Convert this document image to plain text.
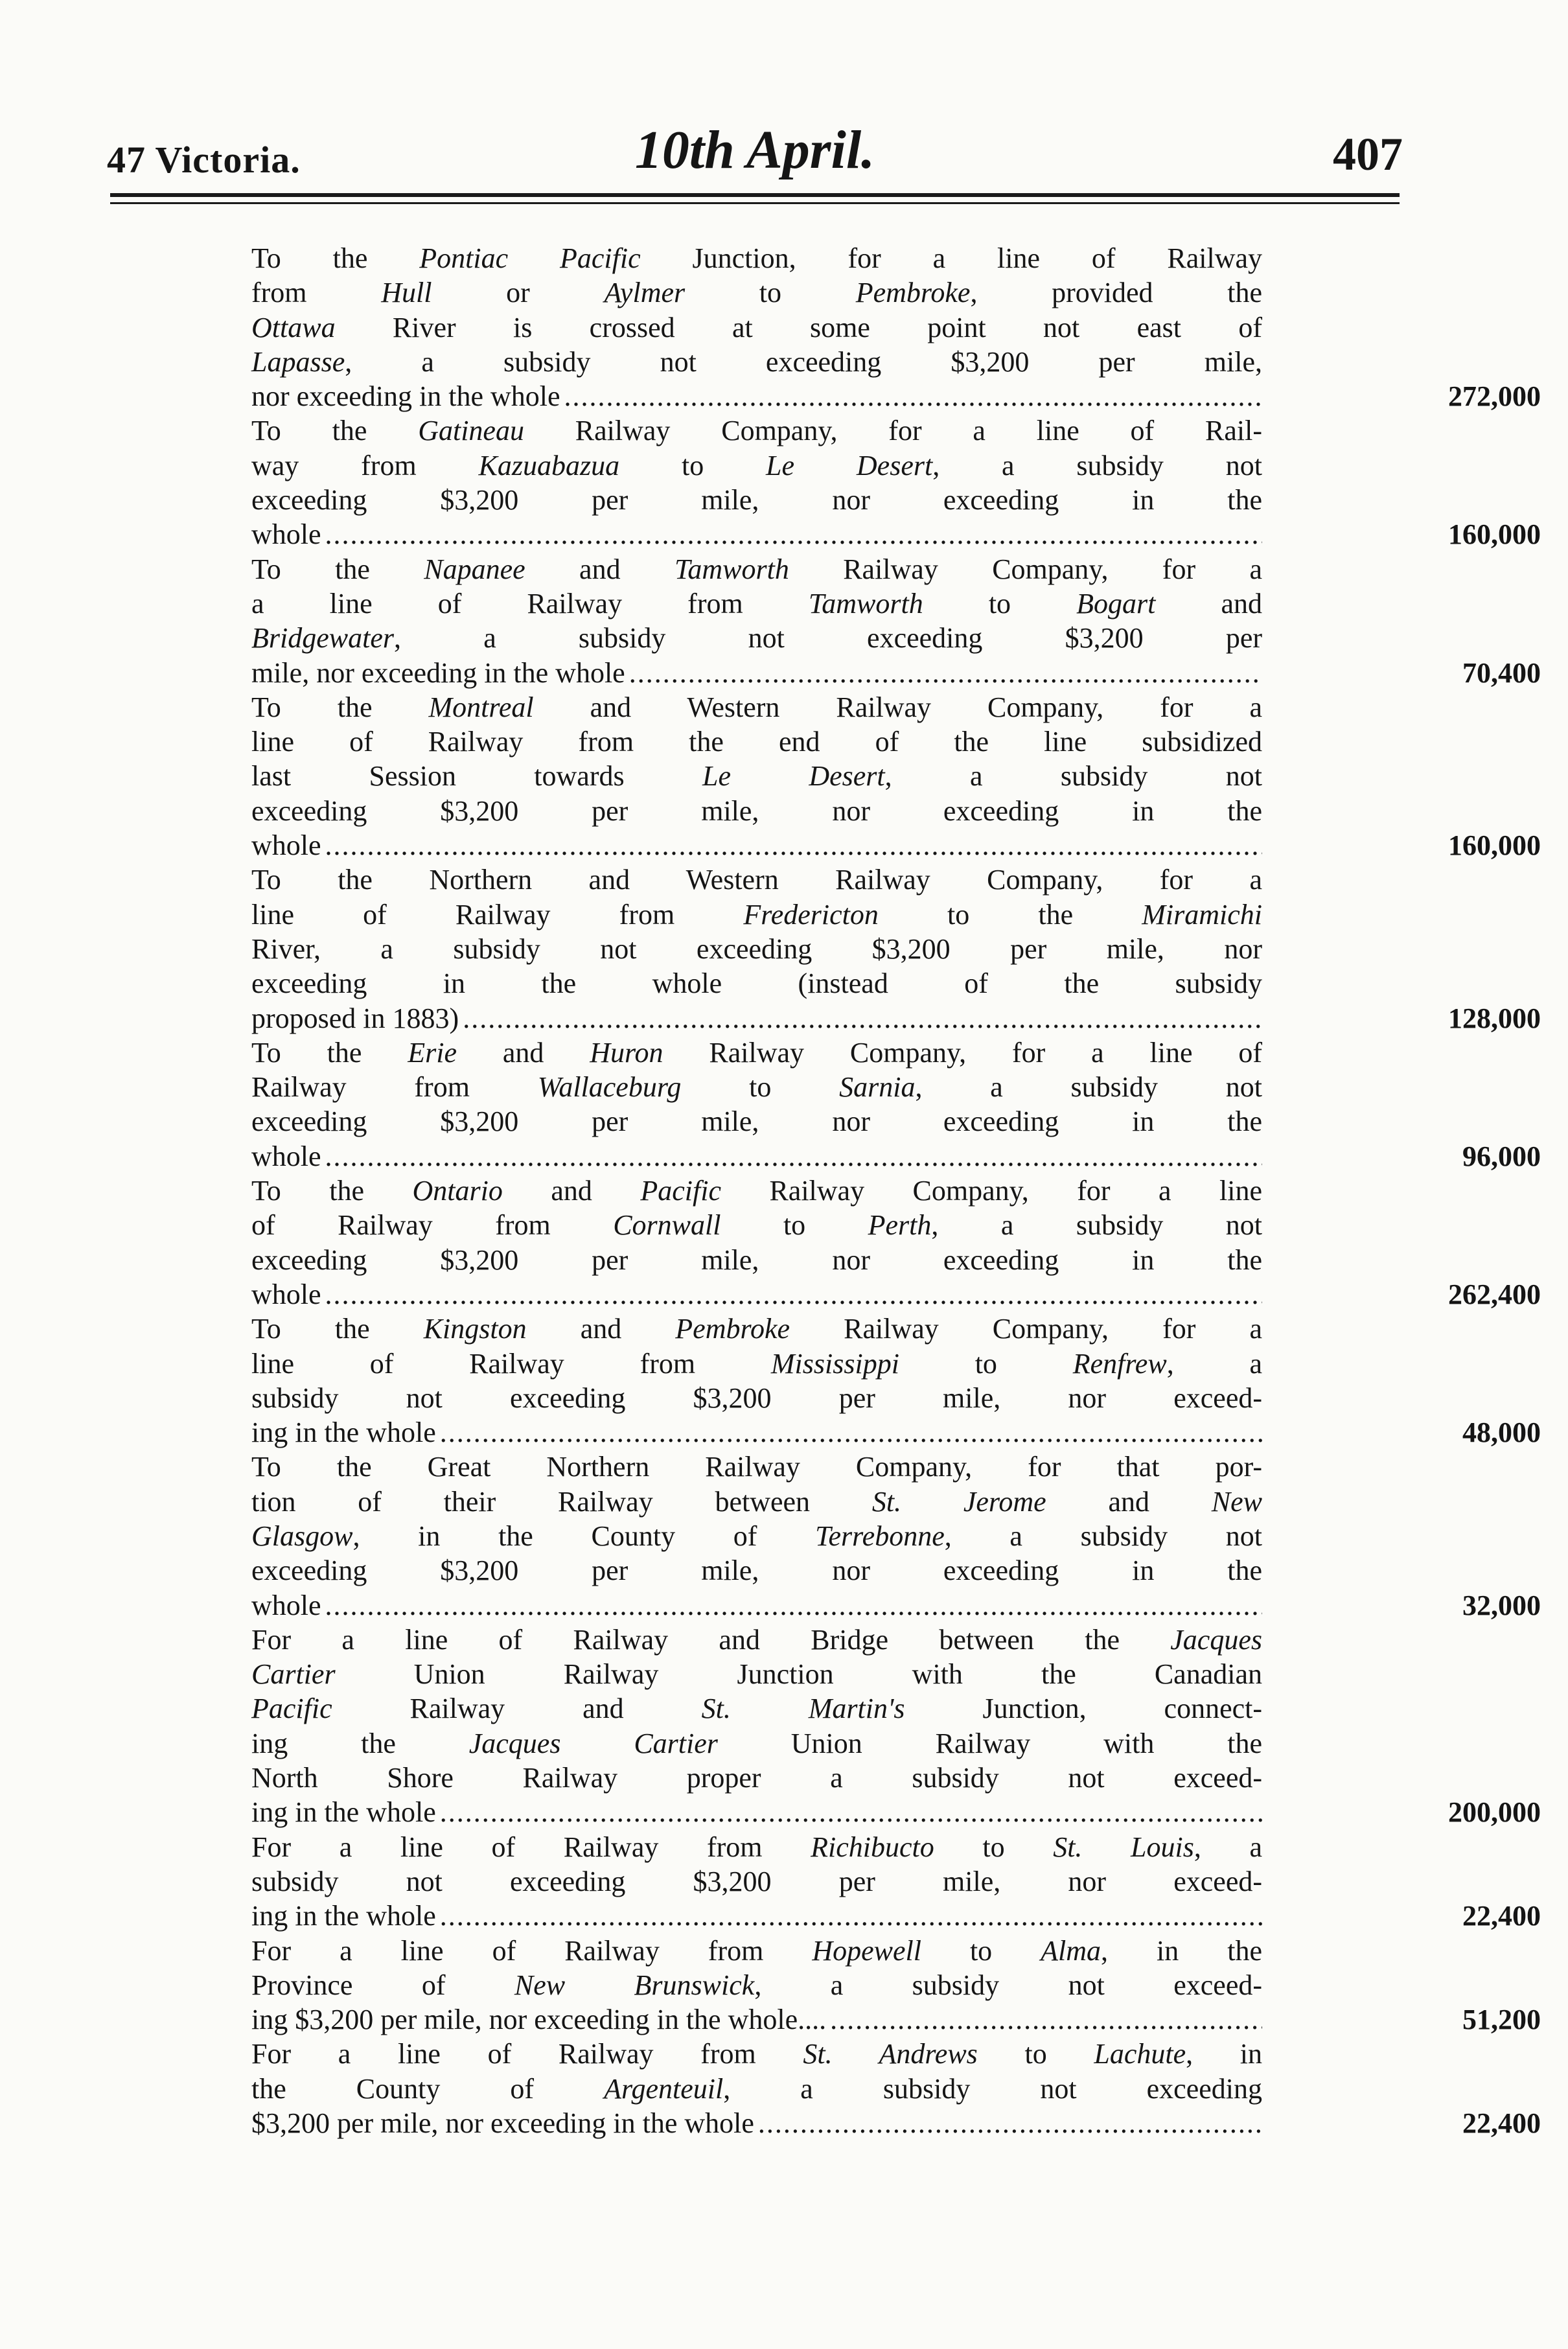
47 Victoria.	10th April.	407
To the Pontiac Pacific Junction, for a line of Railway
from Hull or Aylmer to Pembroke, provided the
Ottawa River is crossed at some point not east of
Lapasse, a subsidy not exceeding $3,200 per mile,
nor exceeding in the whole .....	272,000
To the Gatineau Railway Company, for a line of Rail-
way from Kazuabazua to Le Desert, a subsidy not
exceeding $3,200 per mile, nor exceeding in the
whole .....	160,000
To the Napanee and Tamworth Railway Company, for a
a line of Railway from Tamworth to Bogart and
Bridgewater, a subsidy not exceeding $3,200 per
mile, nor exceeding in the whole .....	70,400
To the Montreal and Western Railway Company, for a
line of Railway from the end of the line subsidized
last Session towards Le Desert, a subsidy not
exceeding $3,200 per mile, nor exceeding in the
whole .....	160,000
To the Northern and Western Railway Company, for a
line of Railway from Fredericton to the Miramichi
River, a subsidy not exceeding $3,200 per mile, nor
exceeding in the whole (instead of the subsidy
proposed in 1883) .....	128,000
To the Erie and Huron Railway Company, for a line of
Railway from Wallaceburg to Sarnia, a subsidy not
exceeding $3,200 per mile, nor exceeding in the
whole .....	96,000
To the Ontario and Pacific Railway Company, for a line
of Railway from Cornwall to Perth, a subsidy not
exceeding $3,200 per mile, nor exceeding in the
whole .....	262,400
To the Kingston and Pembroke Railway Company, for a
line of Railway from Mississippi to Renfrew, a
subsidy not exceeding $3,200 per mile, nor exceed-
ing in the whole .....	48,000
To the Great Northern Railway Company, for that por-
tion of their Railway between St. Jerome and New
Glasgow, in the County of Terrebonne, a subsidy not
exceeding $3,200 per mile, nor exceeding in the
whole .....	32,000
For a line of Railway and Bridge between the Jacques
Cartier Union Railway Junction with the Canadian
Pacific Railway and St. Martin's Junction, connect-
ing the Jacques Cartier Union Railway with the
North Shore Railway proper a subsidy not exceed-
ing in the whole .....	200,000
For a line of Railway from Richibucto to St. Louis, a
subsidy not exceeding $3,200 per mile, nor exceed-
ing in the whole .....	22,400
For a line of Railway from Hopewell to Alma, in the
Province of New Brunswick, a subsidy not exceed-
ing $3,200 per mile, nor exceeding in the whole.... .....	51,200
For a line of Railway from St. Andrews to Lachute, in
the County of Argenteuil, a subsidy not exceeding
$3,200 per mile, nor exceeding in the whole .....	22,400
